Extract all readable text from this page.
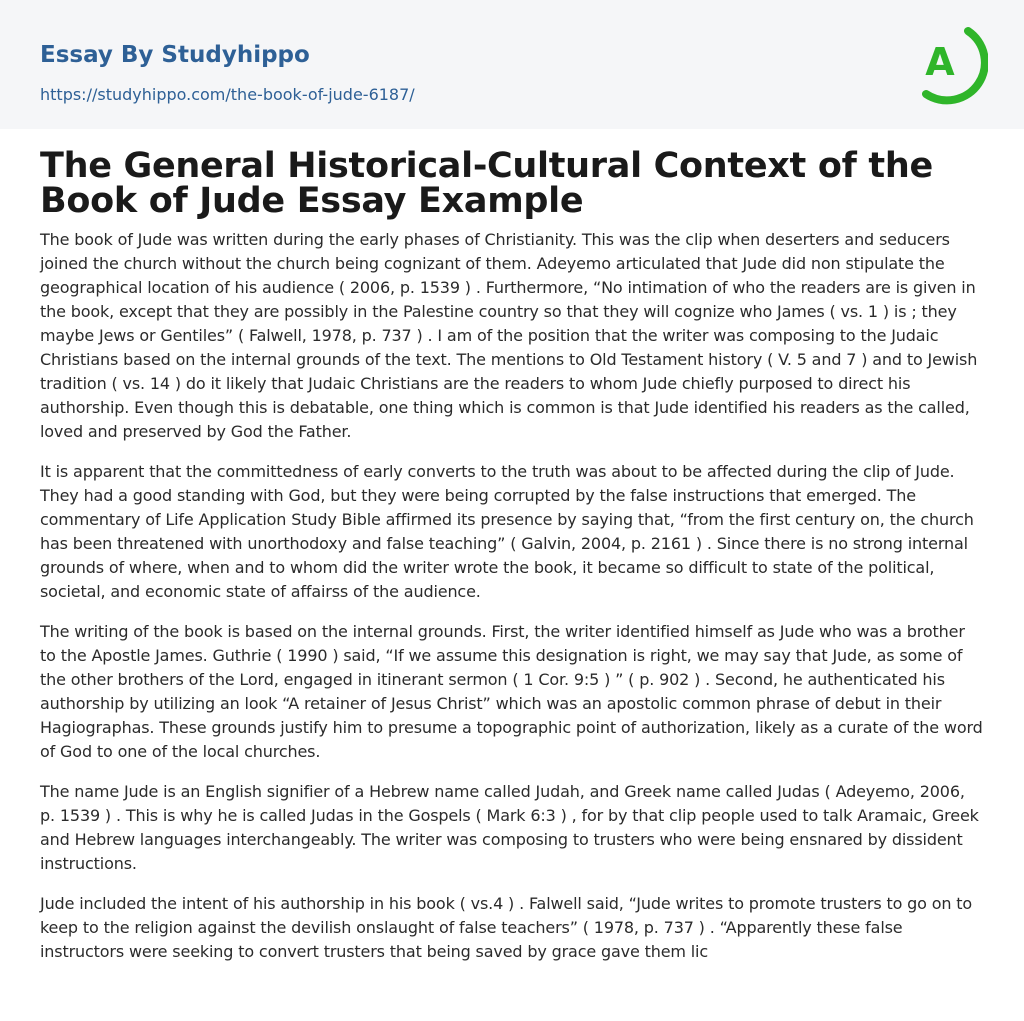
Essay By Studyhippo
https://studyhippo.com/the-book-of-jude-6187/
A
The General Historical-Cultural Context of the Book of Jude Essay Example

The book of Jude was written during the early phases of Christianity. This was the clip when deserters and seducers joined the church without the church being cognizant of them. Adeyemo articulated that Jude did non stipulate the geographical location of his audience ( 2006, p. 1539 ) . Furthermore, “No intimation of who the readers are is given in the book, except that they are possibly in the Palestine country so that they will cognize who James ( vs. 1 ) is ; they maybe Jews or Gentiles” ( Falwell, 1978, p. 737 ) . I am of the position that the writer was composing to the Judaic Christians based on the internal grounds of the text. The mentions to Old Testament history ( V. 5 and 7 ) and to Jewish tradition ( vs. 14 ) do it likely that Judaic Christians are the readers to whom Jude chiefly purposed to direct his authorship. Even though this is debatable, one thing which is common is that Jude identified his readers as the called, loved and preserved by God the Father.

It is apparent that the committedness of early converts to the truth was about to be affected during the clip of Jude. They had a good standing with God, but they were being corrupted by the false instructions that emerged. The commentary of Life Application Study Bible affirmed its presence by saying that, “from the first century on, the church has been threatened with unorthodoxy and false teaching” ( Galvin, 2004, p. 2161 ) . Since there is no strong internal grounds of where, when and to whom did the writer wrote the book, it became so difficult to state of the political, societal, and economic state of affairss of the audience.

The writing of the book is based on the internal grounds. First, the writer identified himself as Jude who was a brother to the Apostle James. Guthrie ( 1990 ) said, “If we assume this designation is right, we may say that Jude, as some of the other brothers of the Lord, engaged in itinerant sermon ( 1 Cor. 9:5 ) ” ( p. 902 ) . Second, he authenticated his authorship by utilizing an look “A retainer of Jesus Christ” which was an apostolic common phrase of debut in their Hagiographas. These grounds justify him to presume a topographic point of authorization, likely as a curate of the word of God to one of the local churches.

The name Jude is an English signifier of a Hebrew name called Judah, and Greek name called Judas ( Adeyemo, 2006, p. 1539 ) . This is why he is called Judas in the Gospels ( Mark 6:3 ) , for by that clip people used to talk Aramaic, Greek and Hebrew languages interchangeably. The writer was composing to trusters who were being ensnared by dissident instructions.

Jude included the intent of his authorship in his book ( vs.4 ) . Falwell said, “Jude writes to promote trusters to go on to keep to the religion against the devilish onslaught of false teachers” ( 1978, p. 737 ) . “Apparently these false instructors were seeking to convert trusters that being saved by grace gave them lic
